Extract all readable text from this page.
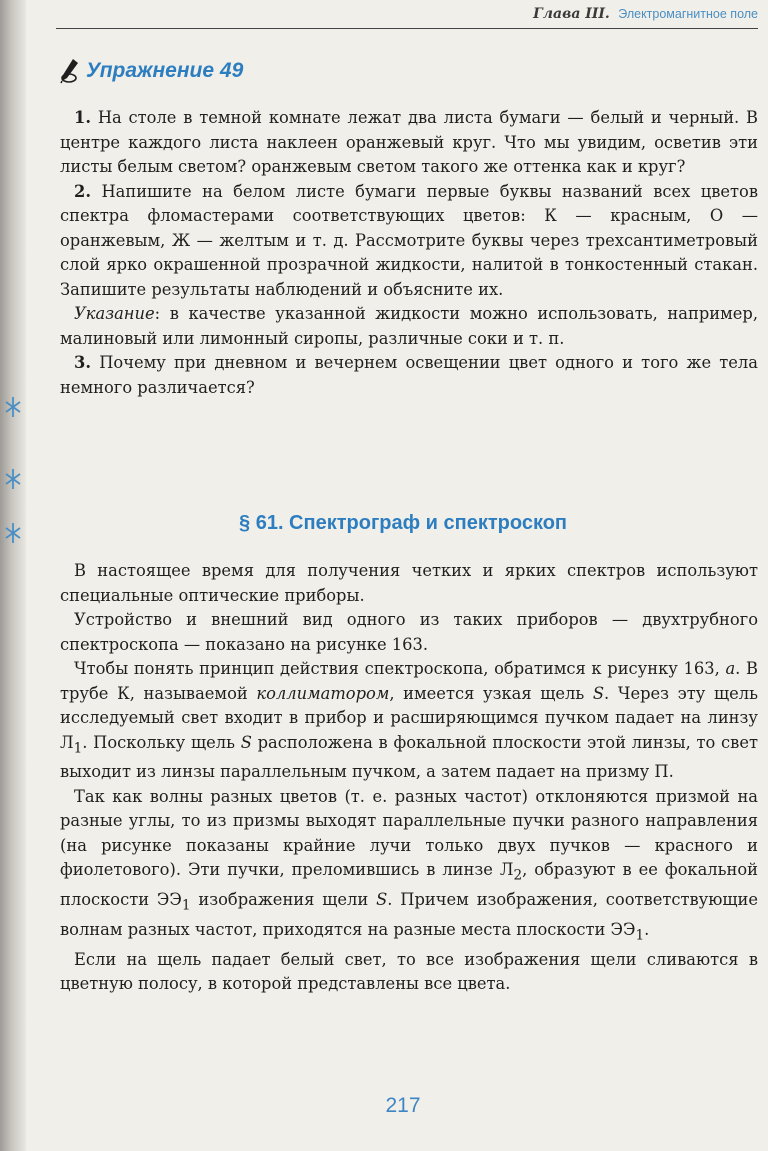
Глава III. Электромагнитное поле
Упражнение 49

1. На столе в темной комнате лежат два листа бумаги — белый и черный. В центре каждого листа наклеен оранжевый круг. Что мы увидим, осветив эти листы белым светом? оранжевым светом такого же оттенка как и круг?

2. Напишите на белом листе бумаги первые буквы названий всех цветов спектра фломастерами соответствующих цветов: К — красным, О — оранжевым, Ж — желтым и т. д. Рассмотрите буквы через трехсантиметровый слой ярко окрашенной прозрачной жидкости, налитой в тонкостенный стакан. Запишите результаты наблюдений и объясните их.

Указание: в качестве указанной жидкости можно использовать, например, малиновый или лимонный сиропы, различные соки и т. п.

3. Почему при дневном и вечернем освещении цвет одного и того же тела немного различается?

§ 61. Спектрограф и спектроскоп

В настоящее время для получения четких и ярких спектров используют специальные оптические приборы.

Устройство и внешний вид одного из таких приборов — двухтрубного спектроскопа — показано на рисунке 163.

Чтобы понять принцип действия спектроскопа, обратимся к рисунку 163, а. В трубе К, называемой коллиматором, имеется узкая щель S. Через эту щель исследуемый свет входит в прибор и расширяющимся пучком падает на линзу $Л_1$. Поскольку щель S расположена в фокальной плоскости этой линзы, то свет выходит из линзы параллельным пучком, а затем падает на призму П.

Так как волны разных цветов (т. е. разных частот) отклоняются призмой на разные углы, то из призмы выходят параллельные пучки разного направления (на рисунке показаны крайние лучи только двух пучков — красного и фиолетового). Эти пучки, преломившись в линзе $Л_2$, образуют в ее фокальной плоскости $ЭЭ_1$ изображения щели S. Причем изображения, соответствующие волнам разных частот, приходятся на разные места плоскости $ЭЭ_1$.

Если на щель падает белый свет, то все изображения щели сливаются в цветную полосу, в которой представлены все цвета.

217
